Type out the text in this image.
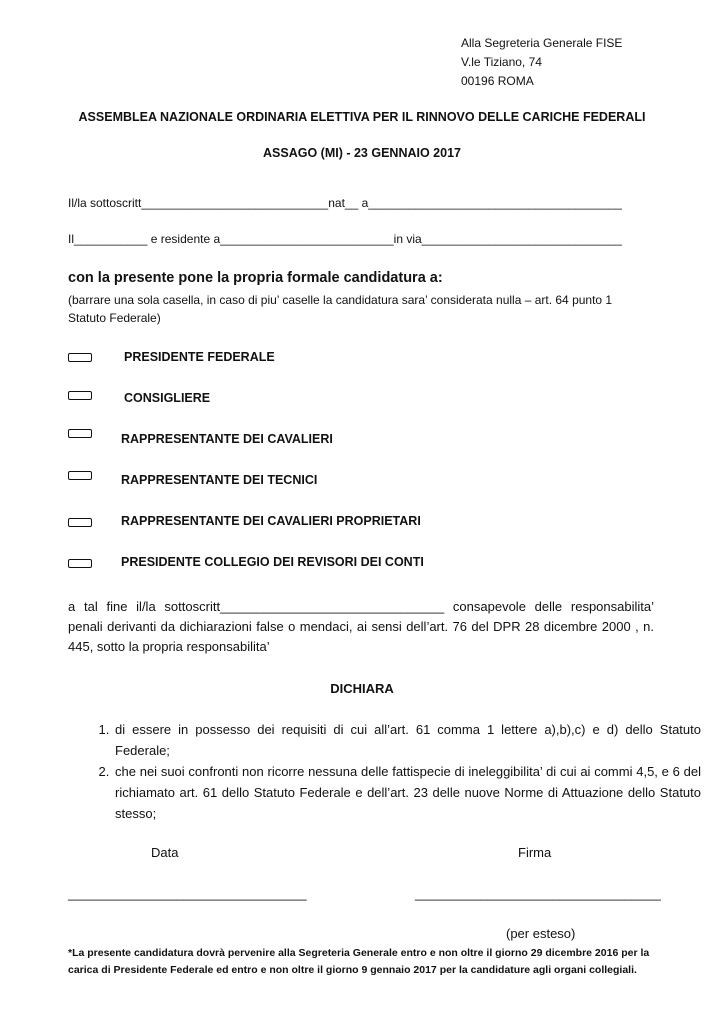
Alla Segreteria Generale FISE
V.le Tiziano, 74
00196 ROMA
ASSEMBLEA NAZIONALE ORDINARIA ELETTIVA PER IL RINNOVO DELLE CARICHE FEDERALI
ASSAGO (MI) - 23 GENNAIO 2017
Il/la sottoscritt____________________________nat__ a______________________________________
Il___________ e residente a__________________________in via______________________________
con la presente pone la propria formale candidatura a:
(barrare una sola casella, in caso di piu’ caselle la candidatura sara’ considerata nulla – art. 64 punto 1 Statuto Federale)
PRESIDENTE FEDERALE
CONSIGLIERE
RAPPRESENTANTE DEI CAVALIERI
RAPPRESENTANTE DEI TECNICI
RAPPRESENTANTE DEI CAVALIERI PROPRIETARI
PRESIDENTE COLLEGIO DEI REVISORI DEI CONTI
a tal fine il/la sottoscritt_______________________________ consapevole delle responsabilita’ penali derivanti da dichiarazioni false o mendaci, ai sensi dell’art. 76 del DPR 28 dicembre 2000 , n. 445, sotto la propria responsabilita’
DICHIARA
1. di essere in possesso dei requisiti di cui all’art. 61 comma 1 lettere a),b),c) e d) dello Statuto Federale;
2. che nei suoi confronti non ricorre nessuna delle fattispecie di ineleggibilita’ di cui ai commi 4,5, e 6 del richiamato art. 61 dello Statuto Federale e dell’art. 23 delle nuove Norme di Attuazione dello Statuto stesso;
Data	Firma
_________________________________	__________________________________
(per esteso)
*La presente candidatura dovrà pervenire alla Segreteria Generale entro e non oltre il giorno 29 dicembre 2016 per la carica di Presidente Federale ed entro e non oltre il giorno 9 gennaio 2017 per la candidature agli organi collegiali.
